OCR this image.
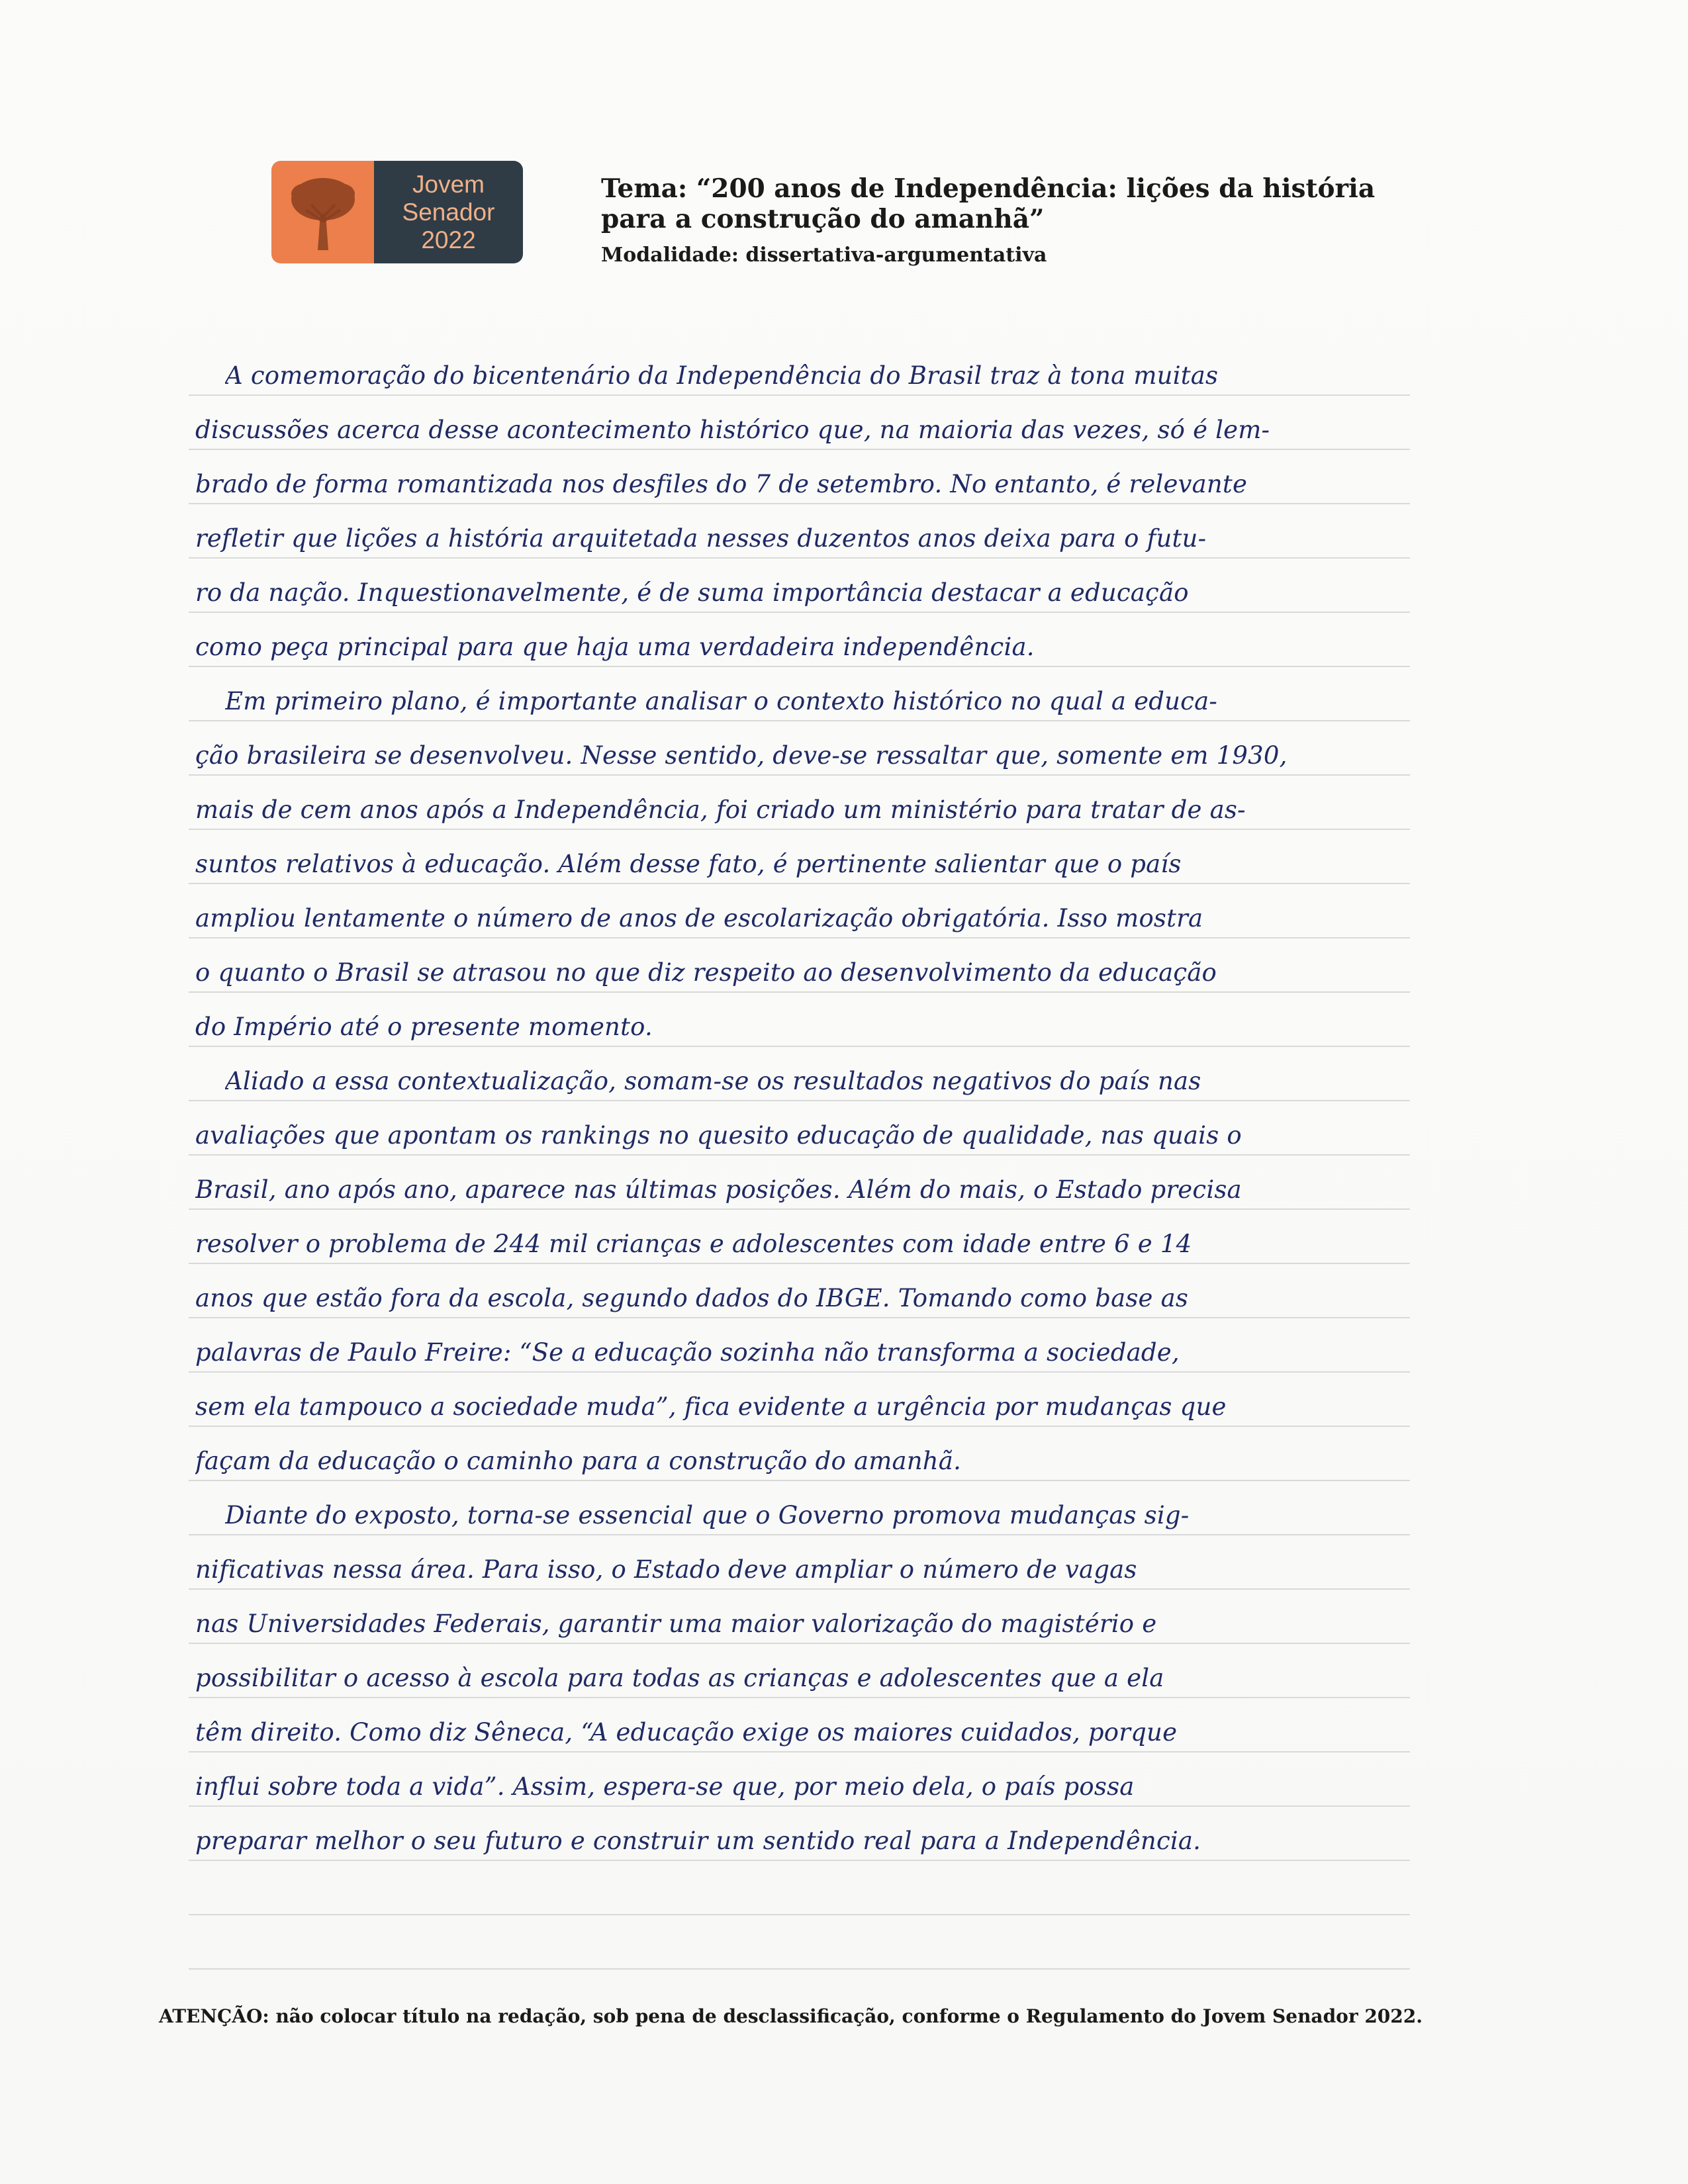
Jovem
Senador
2022

Tema: “200 anos de Independência: lições da história
para a construção do amanhã”

Modalidade: dissertativa-argumentativa
A comemoração do bicentenário da Independência do Brasil traz à tona muitas
discussões acerca desse acontecimento histórico que, na maioria das vezes, só é lem-
brado de forma romantizada nos desfiles do 7 de setembro. No entanto, é relevante
refletir que lições a história arquitetada nesses duzentos anos deixa para o futu-
ro da nação. Inquestionavelmente, é de suma importância destacar a educação
como peça principal para que haja uma verdadeira independência.
Em primeiro plano, é importante analisar o contexto histórico no qual a educa-
ção brasileira se desenvolveu. Nesse sentido, deve-se ressaltar que, somente em 1930,
mais de cem anos após a Independência, foi criado um ministério para tratar de as-
suntos relativos à educação. Além desse fato, é pertinente salientar que o país
ampliou lentamente o número de anos de escolarização obrigatória. Isso mostra
o quanto o Brasil se atrasou no que diz respeito ao desenvolvimento da educação
do Império até o presente momento.
Aliado a essa contextualização, somam-se os resultados negativos do país nas
avaliações que apontam os rankings no quesito educação de qualidade, nas quais o
Brasil, ano após ano, aparece nas últimas posições. Além do mais, o Estado precisa
resolver o problema de 244 mil crianças e adolescentes com idade entre 6 e 14
anos que estão fora da escola, segundo dados do IBGE. Tomando como base as
palavras de Paulo Freire: “Se a educação sozinha não transforma a sociedade,
sem ela tampouco a sociedade muda”, fica evidente a urgência por mudanças que
façam da educação o caminho para a construção do amanhã.
Diante do exposto, torna-se essencial que o Governo promova mudanças sig-
nificativas nessa área. Para isso, o Estado deve ampliar o número de vagas
nas Universidades Federais, garantir uma maior valorização do magistério e
possibilitar o acesso à escola para todas as crianças e adolescentes que a ela
têm direito. Como diz Sêneca, “A educação exige os maiores cuidados, porque
influi sobre toda a vida”. Assim, espera-se que, por meio dela, o país possa
preparar melhor o seu futuro e construir um sentido real para a Independência.
ATENÇÃO: não colocar título na redação, sob pena de desclassificação, conforme o Regulamento do Jovem Senador 2022.
